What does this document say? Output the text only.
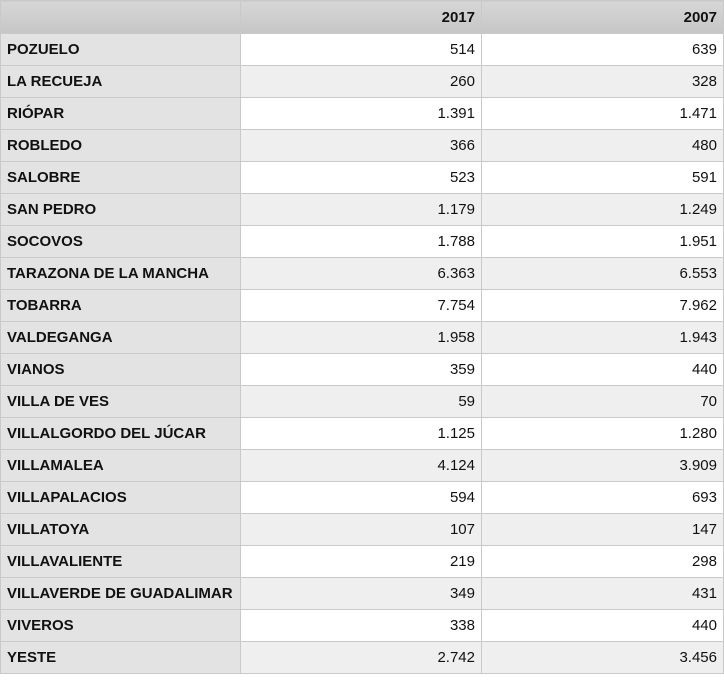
	2017	2007
POZUELO	514	639
LA RECUEJA	260	328
RIÓPAR	1.391	1.471
ROBLEDO	366	480
SALOBRE	523	591
SAN PEDRO	1.179	1.249
SOCOVOS	1.788	1.951
TARAZONA DE LA MANCHA	6.363	6.553
TOBARRA	7.754	7.962
VALDEGANGA	1.958	1.943
VIANOS	359	440
VILLA DE VES	59	70
VILLALGORDO DEL JÚCAR	1.125	1.280
VILLAMALEA	4.124	3.909
VILLAPALACIOS	594	693
VILLATOYA	107	147
VILLAVALIENTE	219	298
VILLAVERDE DE GUADALIMAR	349	431
VIVEROS	338	440
YESTE	2.742	3.456
